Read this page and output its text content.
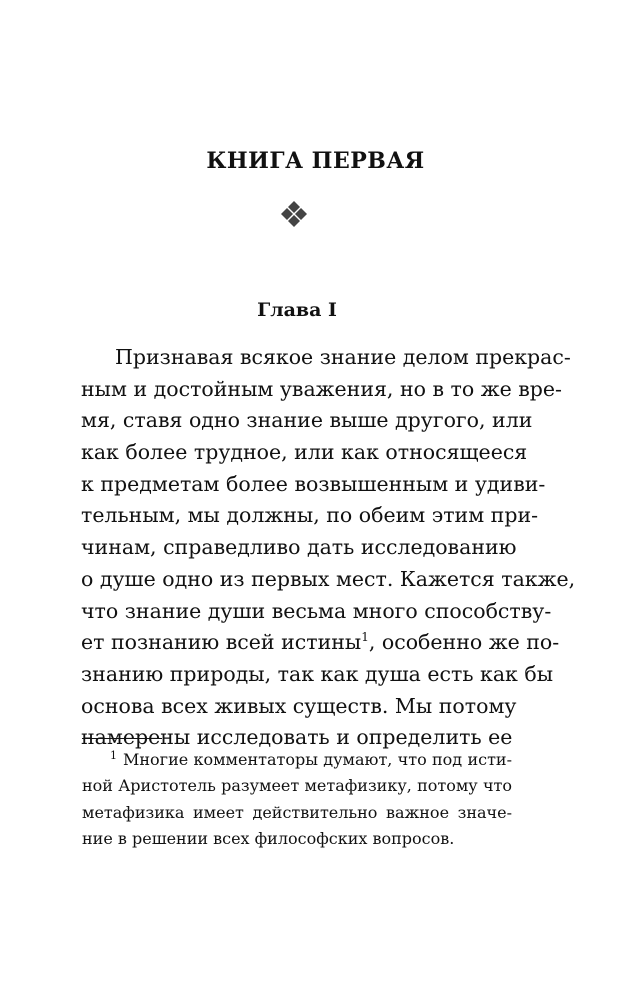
КНИГА ПЕРВАЯ
Глава I
Признавая всякое знание делом прекрас-
ным и достойным уважения, но в то же вре-
мя, ставя одно знание выше другого, или
как более трудное, или как относящееся
к предметам более возвышенным и удиви-
тельным, мы должны, по обеим этим при-
чинам, справедливо дать исследованию
о душе одно из первых мест. Кажется также,
что знание души весьма много способству-
ет познанию всей истины$^1$, особенно же по-
знанию природы, так как душа есть как бы
основа всех живых существ. Мы потому
намерены исследовать и определить ее
$^1$ Многие комментаторы думают, что под исти-
ной Аристотель разумеет метафизику, потому что
метафизика имеет действительно важное значе-
ние в решении всех философских вопросов.
